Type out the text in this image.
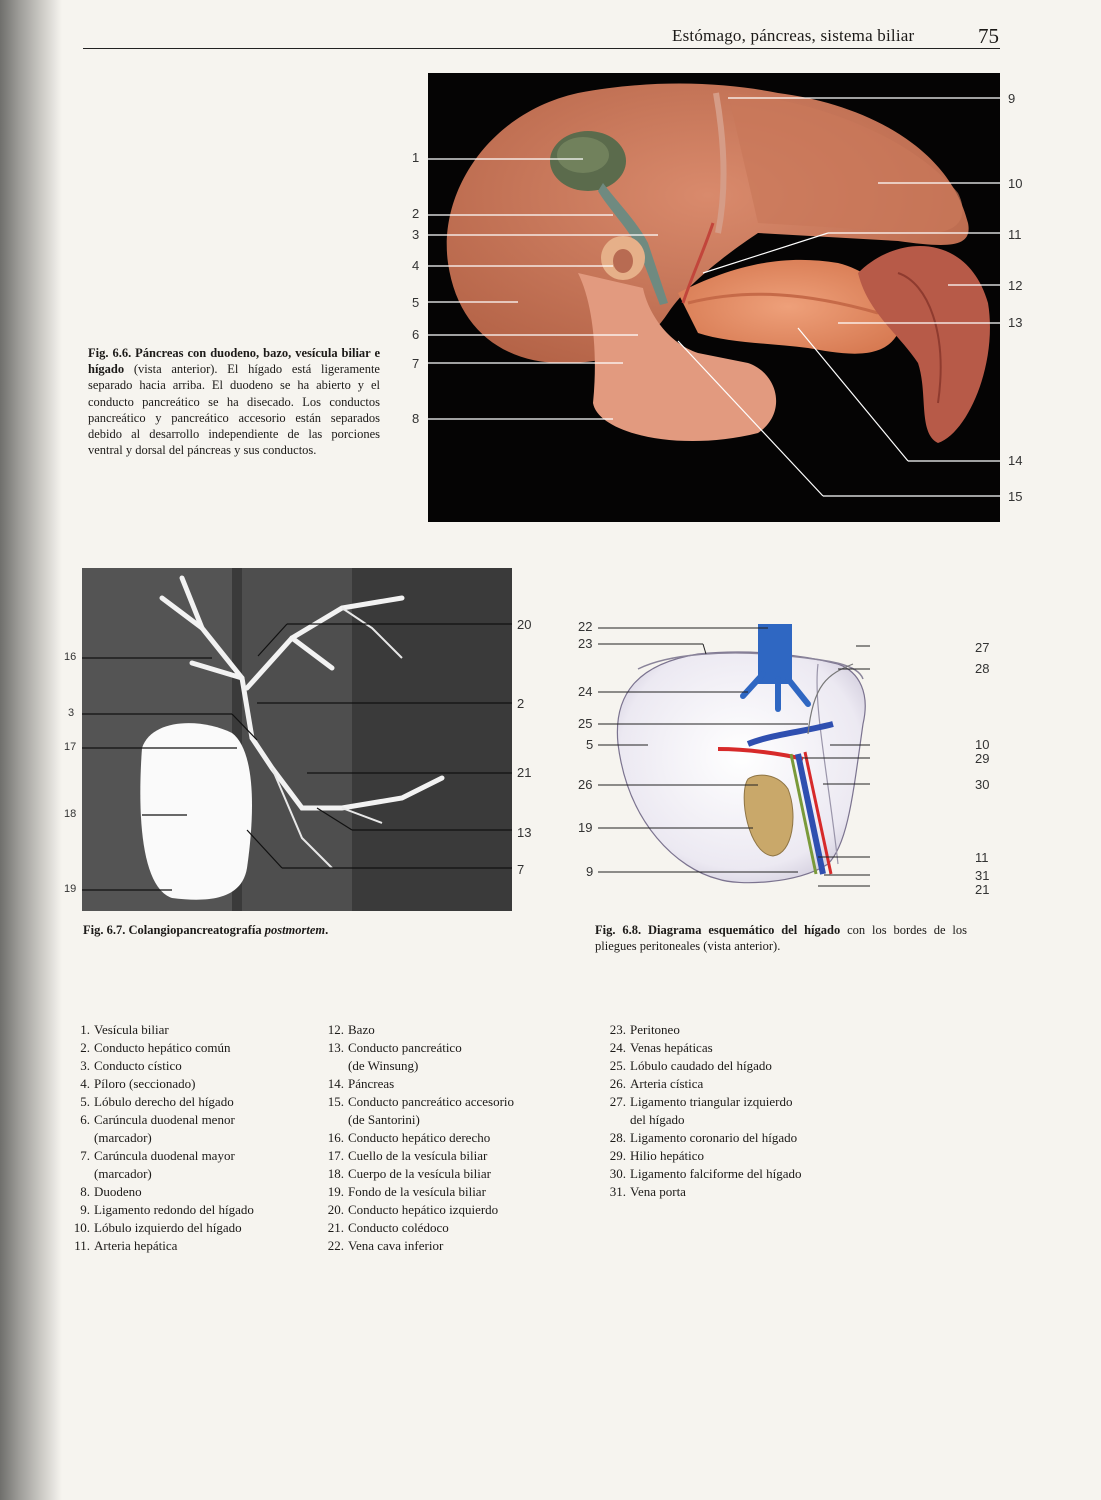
Estómago, páncreas, sistema biliar	75
1
2
3
4
5
6
7
8
9
10
11
12
13
14
15
Fig. 6.6. Páncreas con duodeno, bazo, vesícula biliar e hígado (vista anterior). El hígado está ligeramente separado hacia arriba. El duodeno se ha abierto y el conducto pancreático se ha disecado. Los conductos pancreático y pancreático accesorio están separados debido al desarrollo independiente de las porciones ventral y dorsal del páncreas y sus conductos.
16
3
17
18
19
20
2
21
13
7
Fig. 6.7. Colangiopancreatografía postmortem.
22
23
24
25
5
26
19
9
27
28
10
29
30
11
31
21
Fig. 6.8. Diagrama esquemático del hígado con los bordes de los pliegues peritoneales (vista anterior).
1. Vesícula biliar
2. Conducto hepático común
3. Conducto cístico
4. Píloro (seccionado)
5. Lóbulo derecho del hígado
6. Carúncula duodenal menor
(marcador)
7. Carúncula duodenal mayor
(marcador)
8. Duodeno
9. Ligamento redondo del hígado
10. Lóbulo izquierdo del hígado
11. Arteria hepática
12. Bazo
13. Conducto pancreático
(de Winsung)
14. Páncreas
15. Conducto pancreático accesorio
(de Santorini)
16. Conducto hepático derecho
17. Cuello de la vesícula biliar
18. Cuerpo de la vesícula biliar
19. Fondo de la vesícula biliar
20. Conducto hepático izquierdo
21. Conducto colédoco
22. Vena cava inferior
23. Peritoneo
24. Venas hepáticas
25. Lóbulo caudado del hígado
26. Arteria cística
27. Ligamento triangular izquierdo
del hígado
28. Ligamento coronario del hígado
29. Hilio hepático
30. Ligamento falciforme del hígado
31. Vena porta
